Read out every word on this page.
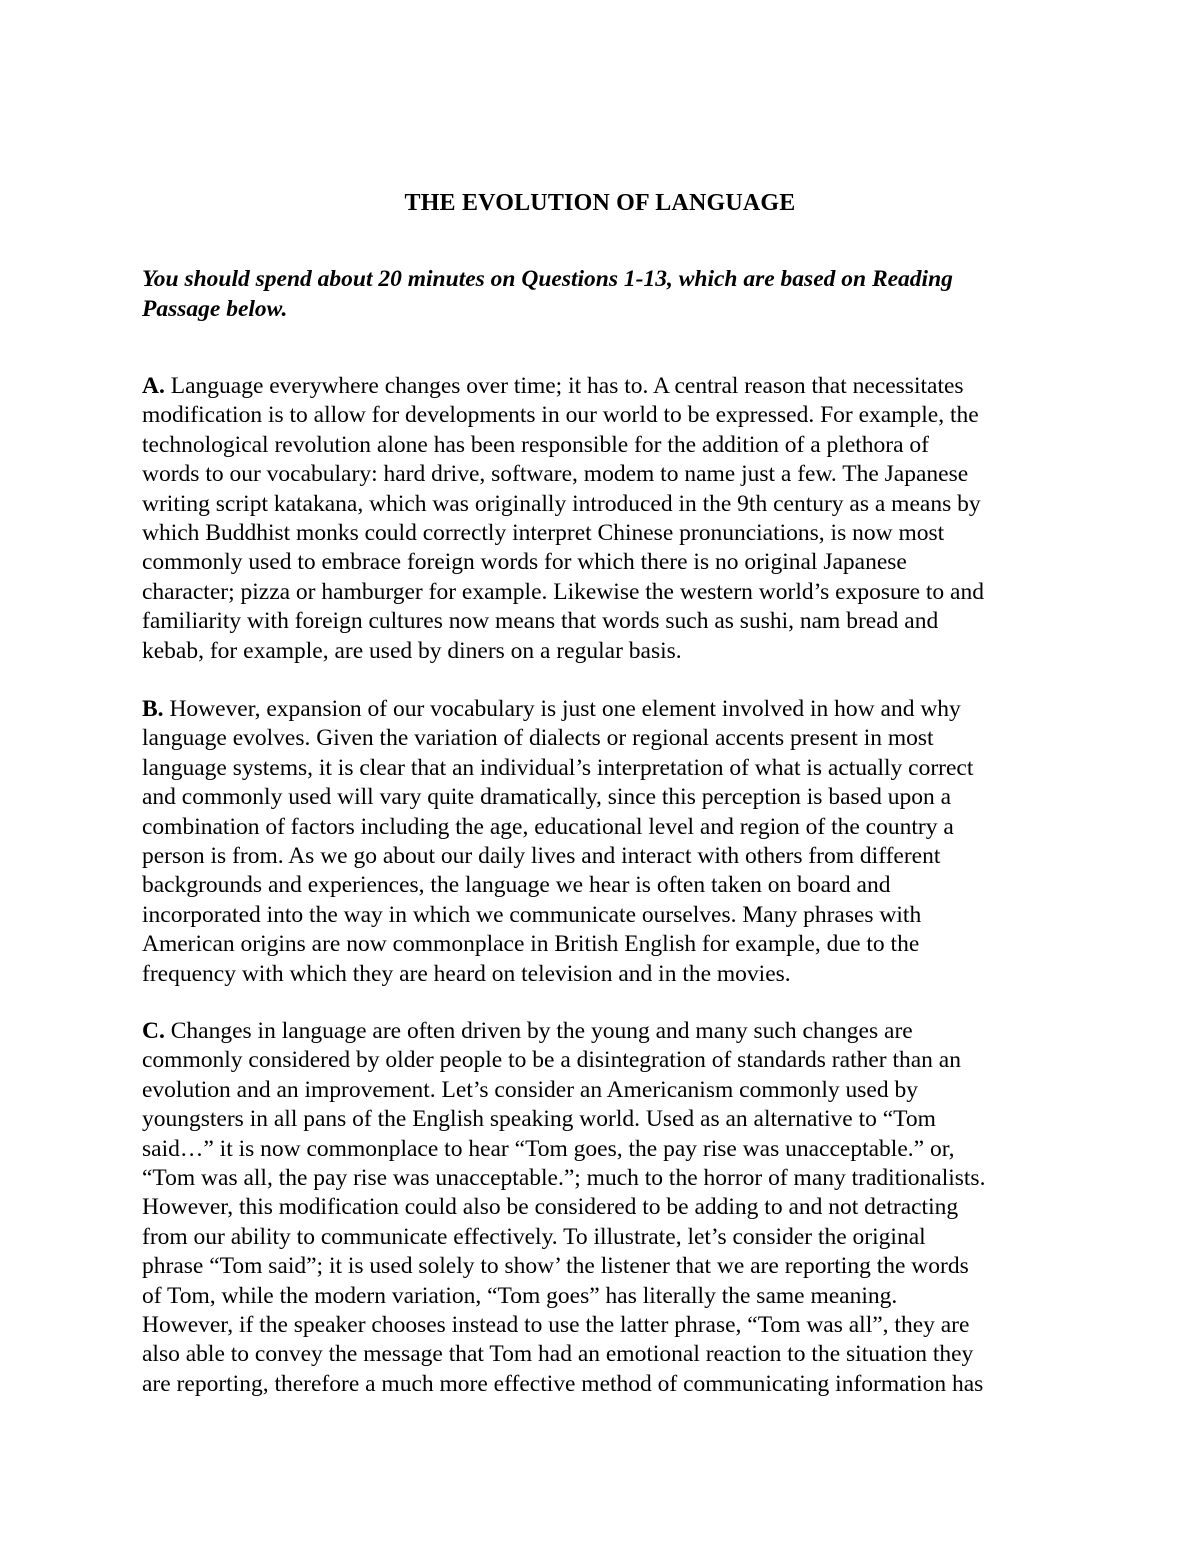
THE EVOLUTION OF LANGUAGE
You should spend about 20 minutes on Questions 1-13, which are based on Reading
Passage below.
A. Language everywhere changes over time; it has to. A central reason that necessitates
modification is to allow for developments in our world to be expressed. For example, the
technological revolution alone has been responsible for the addition of a plethora of
words to our vocabulary: hard drive, software, modem to name just a few. The Japanese
writing script katakana, which was originally introduced in the 9th century as a means by
which Buddhist monks could correctly interpret Chinese pronunciations, is now most
commonly used to embrace foreign words for which there is no original Japanese
character; pizza or hamburger for example. Likewise the western world’s exposure to and
familiarity with foreign cultures now means that words such as sushi, nam bread and
kebab, for example, are used by diners on a regular basis.
B. However, expansion of our vocabulary is just one element involved in how and why
language evolves. Given the variation of dialects or regional accents present in most
language systems, it is clear that an individual’s interpretation of what is actually correct
and commonly used will vary quite dramatically, since this perception is based upon a
combination of factors including the age, educational level and region of the country a
person is from. As we go about our daily lives and interact with others from different
backgrounds and experiences, the language we hear is often taken on board and
incorporated into the way in which we communicate ourselves. Many phrases with
American origins are now commonplace in British English for example, due to the
frequency with which they are heard on television and in the movies.
C. Changes in language are often driven by the young and many such changes are
commonly considered by older people to be a disintegration of standards rather than an
evolution and an improvement. Let’s consider an Americanism commonly used by
youngsters in all pans of the English speaking world. Used as an alternative to “Tom
said…” it is now commonplace to hear “Tom goes, the pay rise was unacceptable.” or,
“Tom was all, the pay rise was unacceptable.”; much to the horror of many traditionalists.
However, this modification could also be considered to be adding to and not detracting
from our ability to communicate effectively. To illustrate, let’s consider the original
phrase “Tom said”; it is used solely to show’ the listener that we are reporting the words
of Tom, while the modern variation, “Tom goes” has literally the same meaning.
However, if the speaker chooses instead to use the latter phrase, “Tom was all”, they are
also able to convey the message that Tom had an emotional reaction to the situation they
are reporting, therefore a much more effective method of communicating information has
